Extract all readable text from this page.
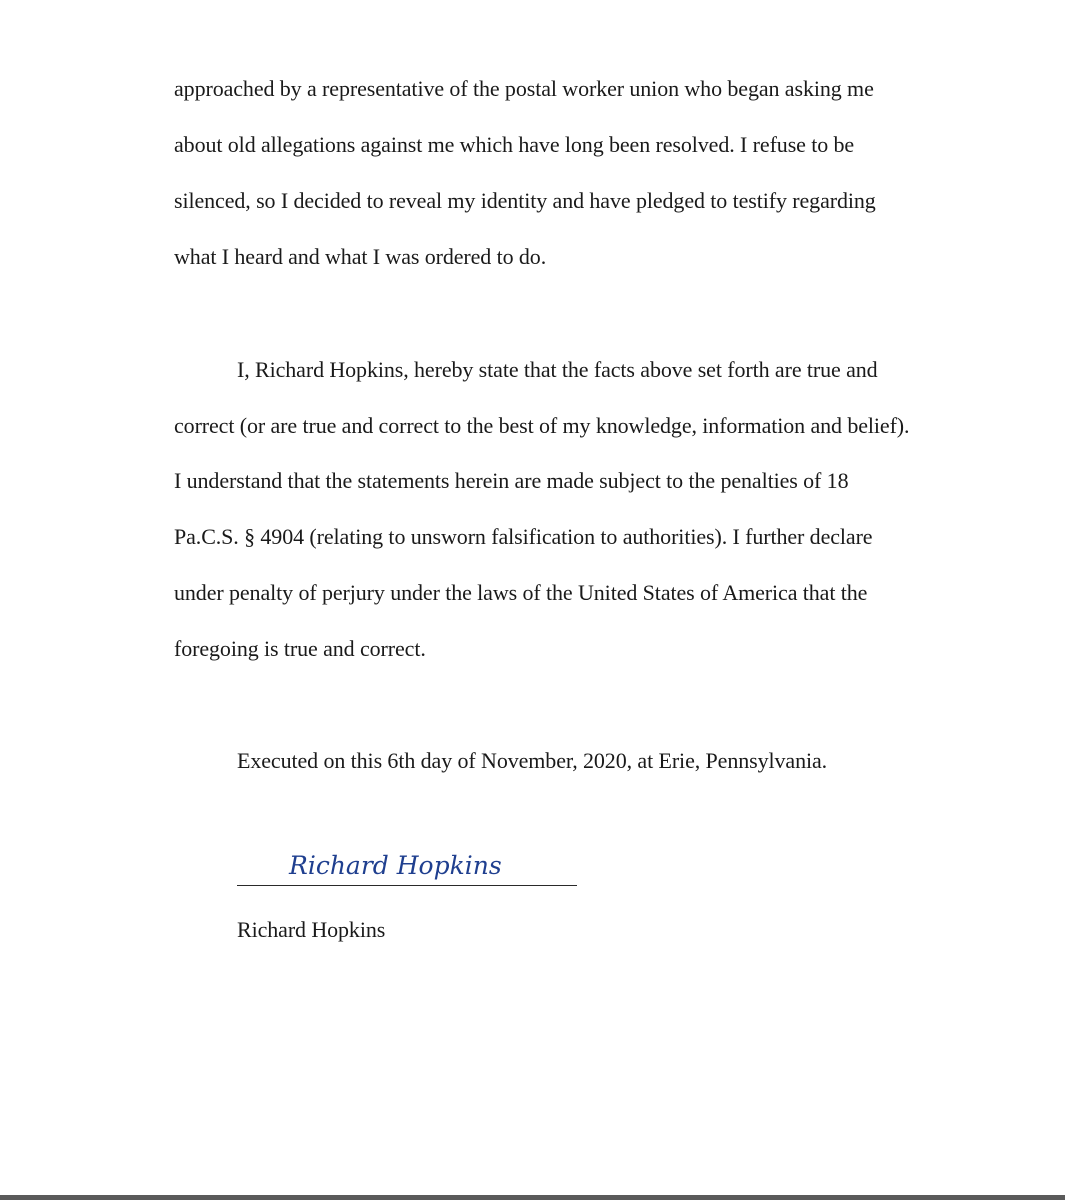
approached by a representative of the postal worker union who began asking me
about old allegations against me which have long been resolved. I refuse to be
silenced, so I decided to reveal my identity and have pledged to testify regarding
what I heard and what I was ordered to do.
I, Richard Hopkins, hereby state that the facts above set forth are true and
correct (or are true and correct to the best of my knowledge, information and belief).
I understand that the statements herein are made subject to the penalties of 18
Pa.C.S. § 4904 (relating to unsworn falsification to authorities). I further declare
under penalty of perjury under the laws of the United States of America that the
foregoing is true and correct.
Executed on this 6th day of November, 2020, at Erie, Pennsylvania.
Richard Hopkins
Richard Hopkins
